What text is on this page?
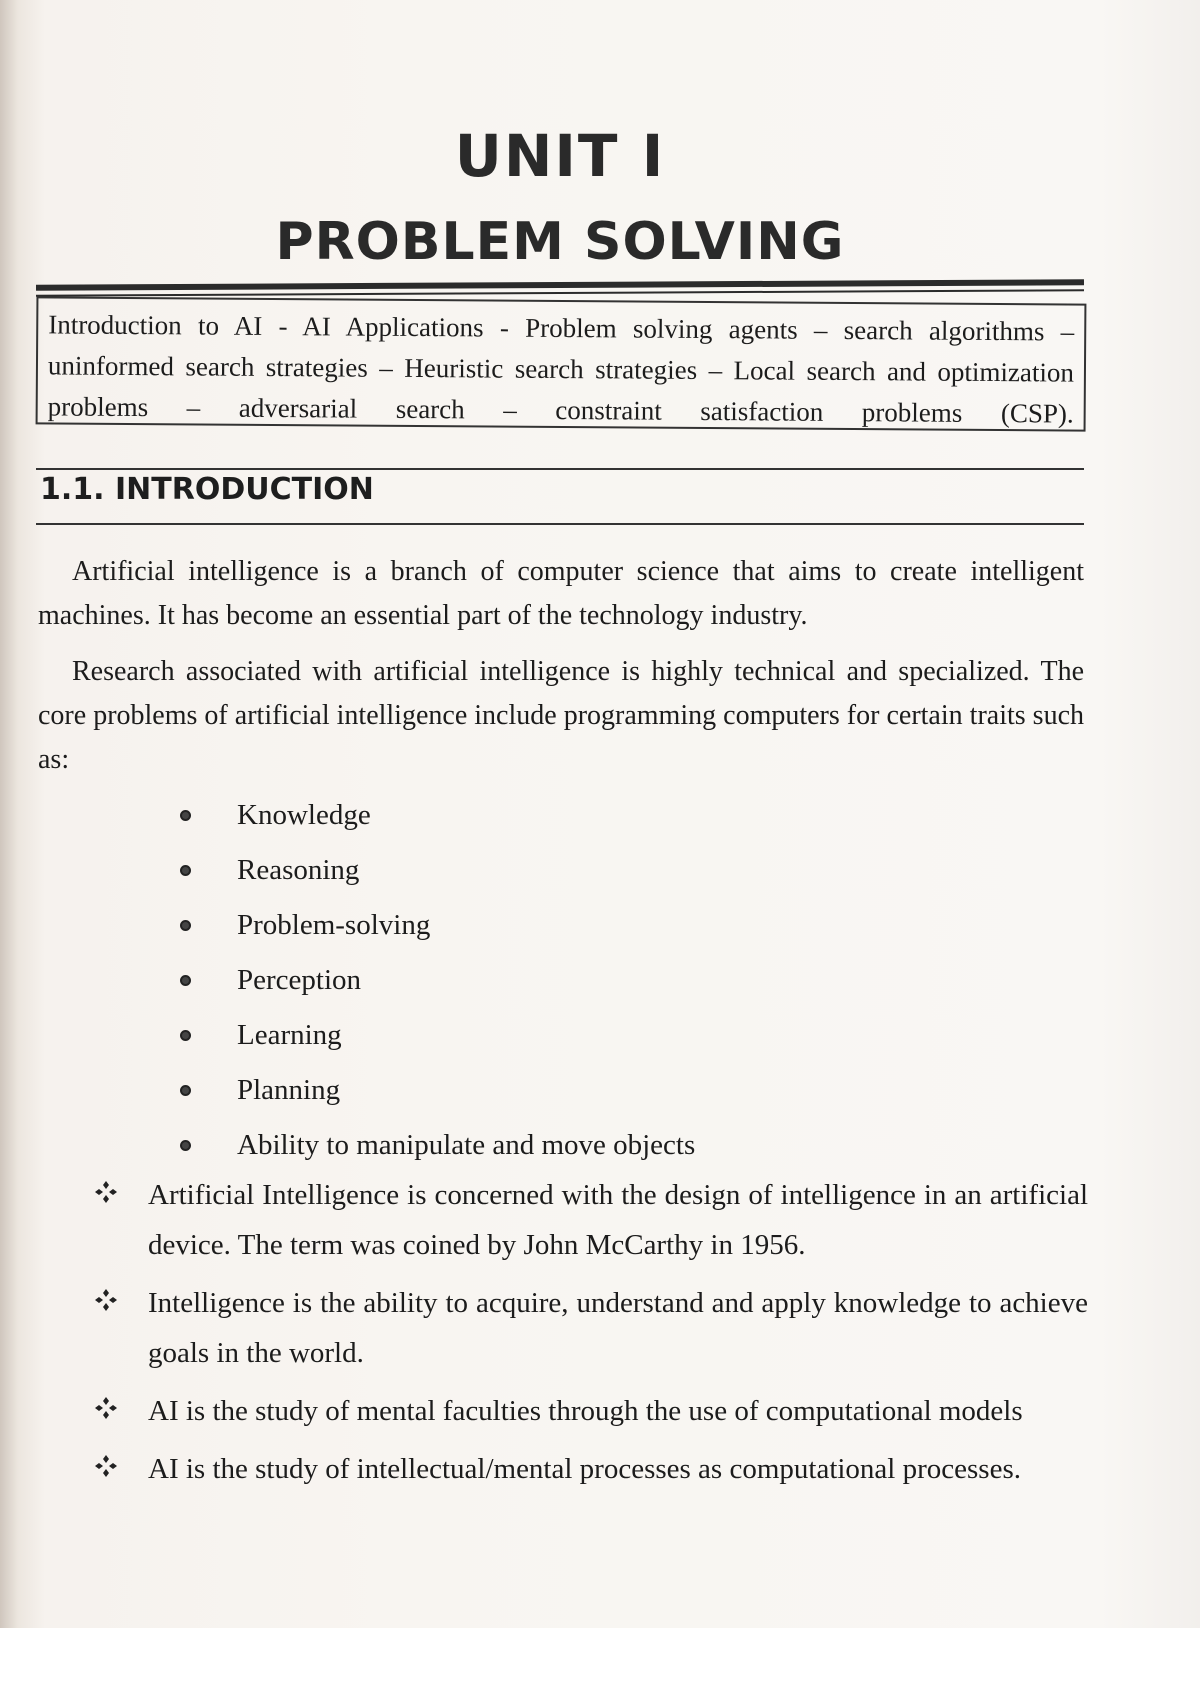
UNIT I
PROBLEM SOLVING
Introduction to AI - AI Applications - Problem solving agents – search algorithms – uninformed search strategies – Heuristic search strategies – Local search and optimization problems – adversarial search – constraint satisfaction problems (CSP).
1.1. INTRODUCTION

Artificial intelligence is a branch of computer science that aims to create intelligent machines. It has become an essential part of the technology industry.

Research associated with artificial intelligence is highly technical and specialized. The core problems of artificial intelligence include programming computers for certain traits such as:

Knowledge
Reasoning
Problem-solving
Perception
Learning
Planning
Ability to manipulate and move objects
Artificial Intelligence is concerned with the design of intelligence in an artificial device. The term was coined by John McCarthy in 1956.
Intelligence is the ability to acquire, understand and apply knowledge to achieve goals in the world.
AI is the study of mental faculties through the use of computational models
AI is the study of intellectual/mental processes as computational processes.
